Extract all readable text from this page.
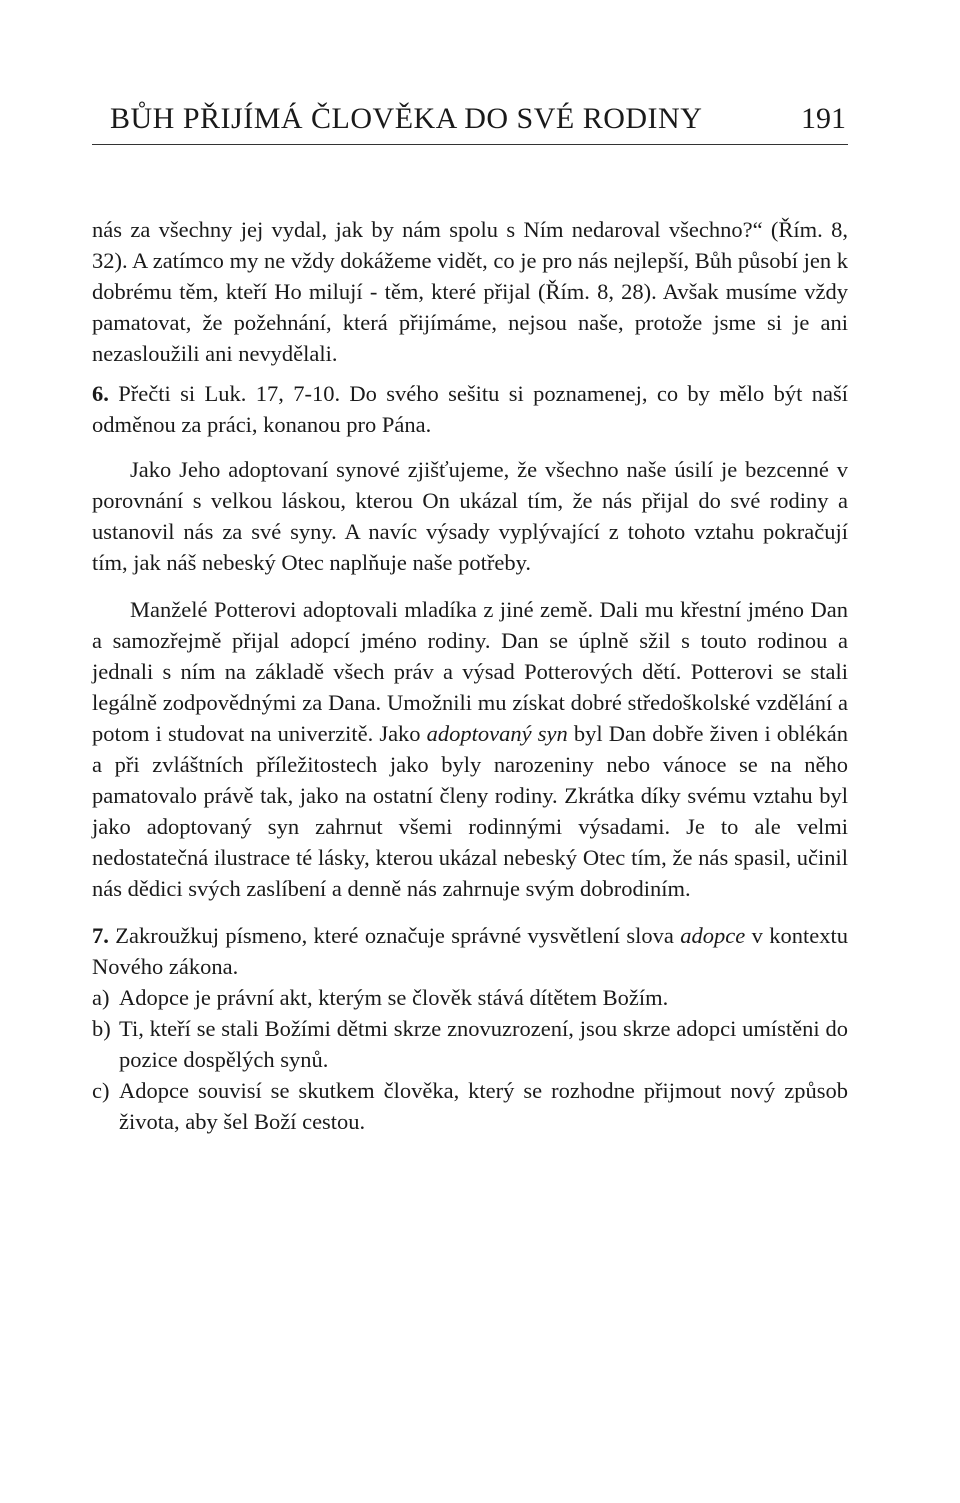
BŮH PŘIJÍMÁ ČLOVĚKA DO SVÉ RODINY	191

nás za všechny jej vydal, jak by nám spolu s Ním nedaroval všechno?“ (Řím. 8, 32). A zatímco my ne vždy dokážeme vidět, co je pro nás nejlepší, Bůh působí jen k dobrému těm, kteří Ho milují - těm, které přijal (Řím. 8, 28). Avšak musíme vždy pamatovat, že požehnání, která přijímáme, nejsou naše, protože jsme si je ani nezasloužili ani nevydělali.

6. Přečti si Luk. 17, 7-10. Do svého sešitu si poznamenej, co by mělo být naší odměnou za práci, konanou pro Pána.

Jako Jeho adoptovaní synové zjišťujeme, že všechno naše úsilí je bezcenné v porovnání s velkou láskou, kterou On ukázal tím, že nás přijal do své rodiny a ustanovil nás za své syny. A navíc výsady vyplývající z tohoto vztahu pokračují tím, jak náš nebeský Otec naplňuje naše potřeby.

Manželé Potterovi adoptovali mladíka z jiné země. Dali mu křestní jméno Dan a samozřejmě přijal adopcí jméno rodiny. Dan se úplně sžil s touto rodinou a jednali s ním na základě všech práv a výsad Potterových dětí. Potterovi se stali legálně zodpovědnými za Dana. Umožnili mu získat dobré středoškolské vzdělání a potom i studovat na univerzitě. Jako adoptovaný syn byl Dan dobře živen i oblékán a při zvláštních příležitostech jako byly narozeniny nebo vánoce se na něho pamatovalo právě tak, jako na ostatní členy rodiny. Zkrátka díky svému vztahu byl jako adoptovaný syn zahrnut všemi rodinnými výsadami. Je to ale velmi nedostatečná ilustrace té lásky, kterou ukázal nebeský Otec tím, že nás spasil, učinil nás dědici svých zaslíbení a denně nás zahrnuje svým dobrodiním.

7. Zakroužkuj písmeno, které označuje správné vysvětlení slova adopce v kontextu Nového zákona.

a) Adopce je právní akt, kterým se člověk stává dítětem Božím.
b) Ti, kteří se stali Božími dětmi skrze znovuzrození, jsou skrze adopci umístěni do pozice dospělých synů.
c) Adopce souvisí se skutkem člověka, který se rozhodne přijmout nový způsob života, aby šel Boží cestou.
